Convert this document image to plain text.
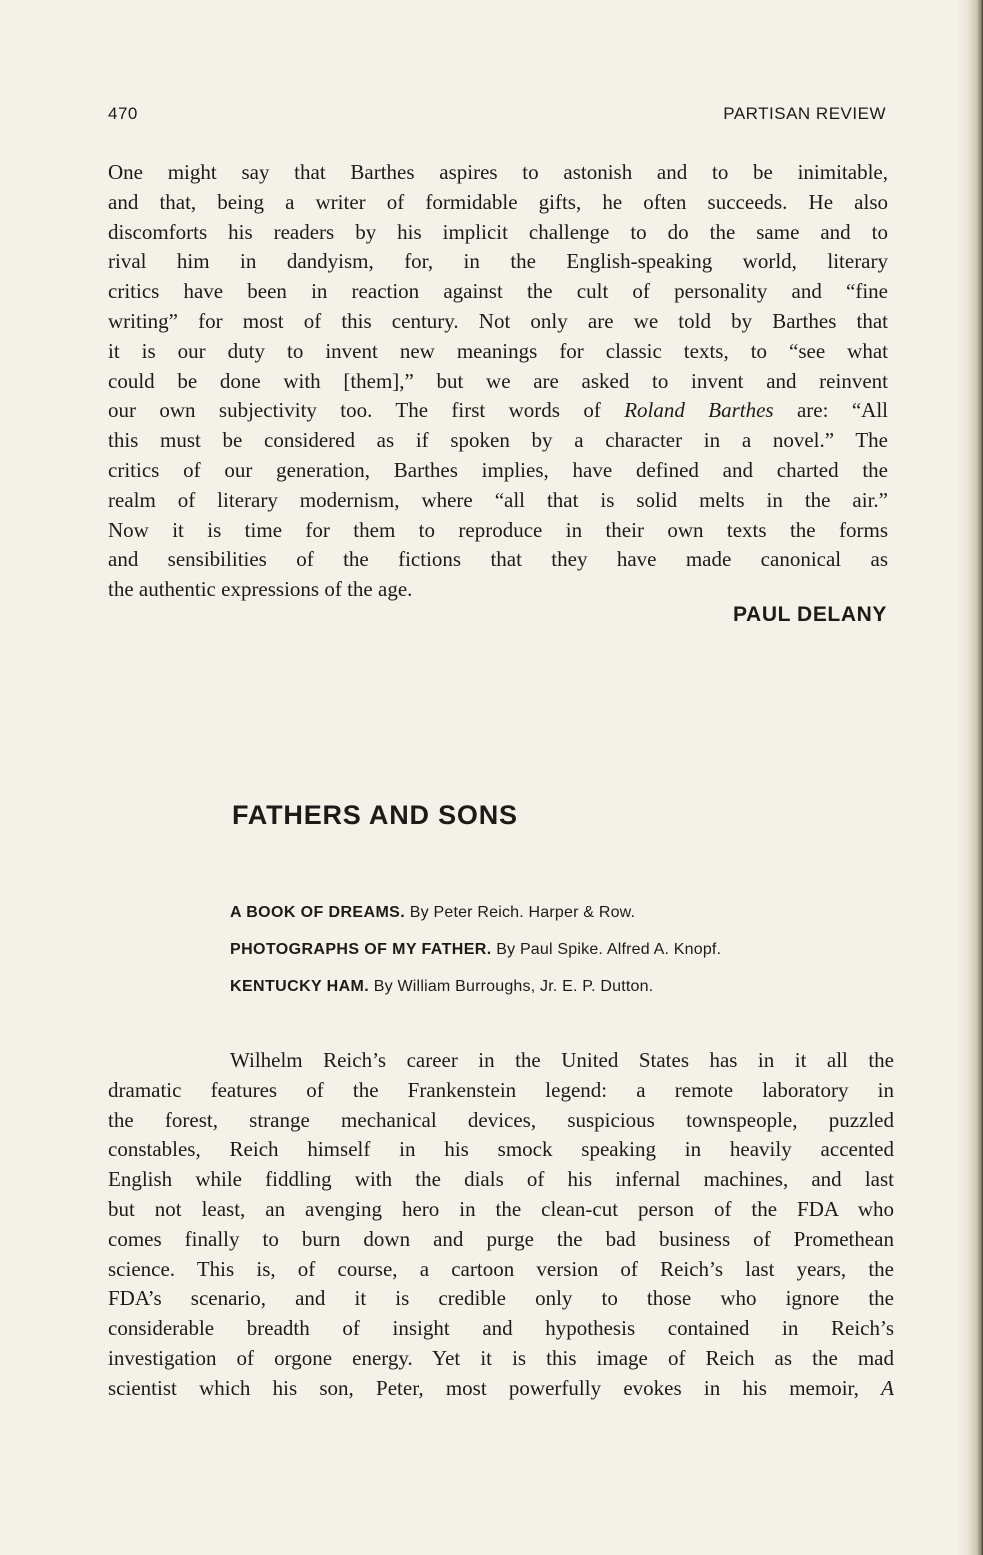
470	PARTISAN REVIEW
One might say that Barthes aspires to astonish and to be inimitable,
and that, being a writer of formidable gifts, he often succeeds. He also
discomforts his readers by his implicit challenge to do the same and to
rival him in dandyism, for, in the English-speaking world, literary
critics have been in reaction against the cult of personality and “fine
writing” for most of this century. Not only are we told by Barthes that
it is our duty to invent new meanings for classic texts, to “see what
could be done with [them],” but we are asked to invent and reinvent
our own subjectivity too. The first words of Roland Barthes are: “All
this must be considered as if spoken by a character in a novel.” The
critics of our generation, Barthes implies, have defined and charted the
realm of literary modernism, where “all that is solid melts in the air.”
Now it is time for them to reproduce in their own texts the forms
and sensibilities of the fictions that they have made canonical as
the authentic expressions of the age.
PAUL DELANY
FATHERS AND SONS
A BOOK OF DREAMS. By Peter Reich. Harper & Row.
PHOTOGRAPHS OF MY FATHER. By Paul Spike. Alfred A. Knopf.
KENTUCKY HAM. By William Burroughs, Jr. E. P. Dutton.
Wilhelm Reich’s career in the United States has in it all the
dramatic features of the Frankenstein legend: a remote laboratory in
the forest, strange mechanical devices, suspicious townspeople, puzzled
constables, Reich himself in his smock speaking in heavily accented
English while fiddling with the dials of his infernal machines, and last
but not least, an avenging hero in the clean-cut person of the FDA who
comes finally to burn down and purge the bad business of Promethean
science. This is, of course, a cartoon version of Reich’s last years, the
FDA’s scenario, and it is credible only to those who ignore the
considerable breadth of insight and hypothesis contained in Reich’s
investigation of orgone energy. Yet it is this image of Reich as the mad
scientist which his son, Peter, most powerfully evokes in his memoir, A
